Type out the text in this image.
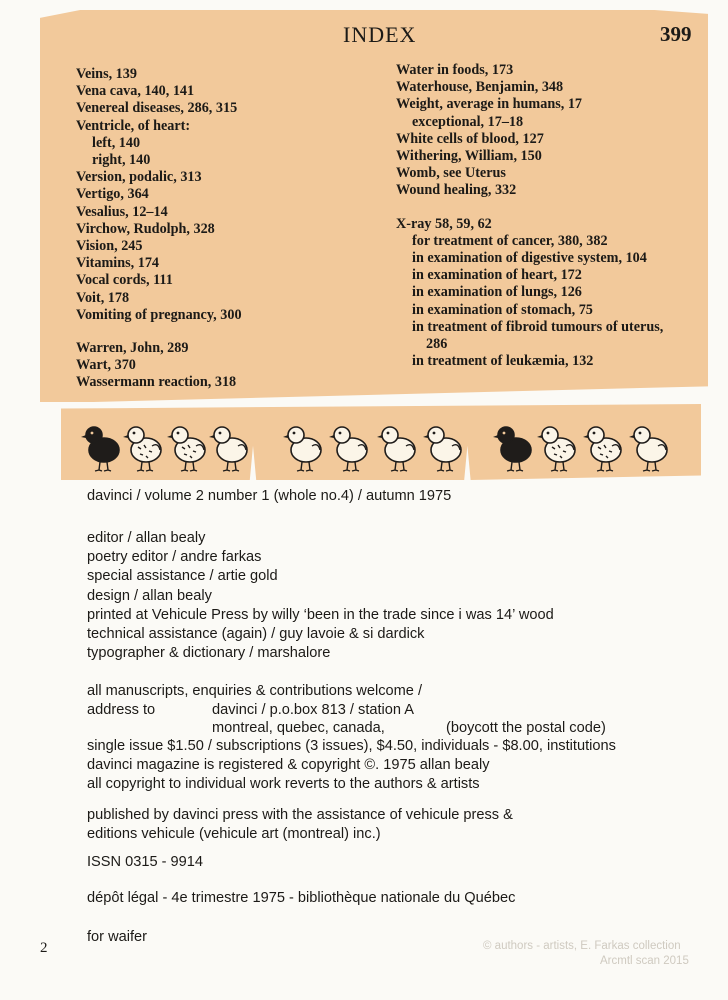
INDEX	399
Veins, 139
Vena cava, 140, 141
Venereal diseases, 286, 315
Ventricle, of heart:
left, 140
right, 140
Version, podalic, 313
Vertigo, 364
Vesalius, 12–14
Virchow, Rudolph, 328
Vision, 245
Vitamins, 174
Vocal cords, 111
Voit, 178
Vomiting of pregnancy, 300
Warren, John, 289
Wart, 370
Wassermann reaction, 318
Water in foods, 173
Waterhouse, Benjamin, 348
Weight, average in humans, 17
exceptional, 17–18
White cells of blood, 127
Withering, William, 150
Womb, see Uterus
Wound healing, 332
X-ray 58, 59, 62
for treatment of cancer, 380, 382
in examination of digestive system, 104
in examination of heart, 172
in examination of lungs, 126
in examination of stomach, 75
in treatment of fibroid tumours of uterus,
286
in treatment of leukæmia, 132
davinci / volume 2 number 1 (whole no.4) / autumn 1975
editor / allan bealy
poetry editor / andre farkas
special assistance / artie gold
design / allan bealy
printed at Vehicule Press by willy ‘been in the trade since i was 14’ wood
technical assistance (again) / guy lavoie & si dardick
typographer & dictionary / marshalore
all manuscripts, enquiries & contributions welcome /
address to	davinci / p.o.box 813 / station A
montreal, quebec, canada,	(boycott the postal code)
single issue $1.50 / subscriptions (3 issues), $4.50, individuals - $8.00, institutions
davinci magazine is registered & copyright ©. 1975 allan bealy
all copyright to individual work reverts to the authors & artists
published by davinci press with the assistance of vehicule press &
editions vehicule (vehicule art (montreal) inc.)
ISSN 0315 - 9914
dépôt légal - 4e trimestre 1975 - bibliothèque nationale du Québec
for waifer
2	© authors - artists, E. Farkas collection
Arcmtl scan 2015
